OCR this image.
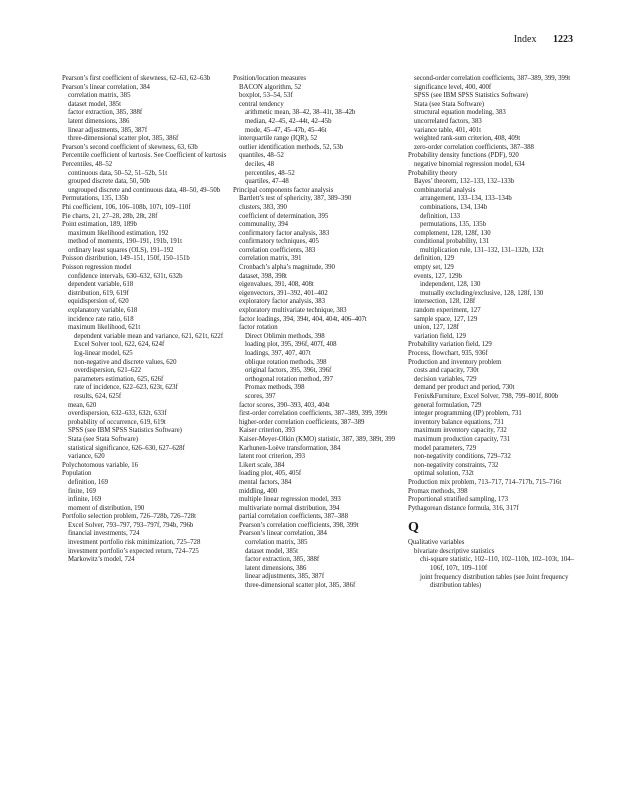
Index 1223

Pearson’s first coefficient of skewness, 62–63, 62–63b

Pearson’s linear correlation, 384

correlation matrix, 385

dataset model, 385t

factor extraction, 385, 388f

latent dimensions, 386

linear adjustments, 385, 387f

three-dimensional scatter plot, 385, 386f

Pearson’s second coefficient of skewness, 63, 63b

Percentile coefficient of kurtosis. See Coefficient of kurtosis

Percentiles, 48–52

continuous data, 50–52, 51–52b, 51t

grouped discrete data, 50, 50b

ungrouped discrete and continuous data, 48–50, 49–50b

Permutations, 135, 135b

Phi coefficient, 106, 106–108b, 107t, 109–110f

Pie charts, 21, 27–28, 28b, 28t, 28f

Point estimation, 189, 189b

maximum likelihood estimation, 192

method of moments, 190–191, 191b, 191t

ordinary least squares (OLS), 191–192

Poisson distribution, 149–151, 150f, 150–151b

Poisson regression model

confidence intervals, 630–632, 631t, 632b

dependent variable, 618

distribution, 619, 619f

equidispersion of, 620

explanatory variable, 618

incidence rate ratio, 618

maximum likelihood, 621t

dependent variable mean and variance, 621, 621t, 622f

Excel Solver tool, 622, 624, 624f

log-linear model, 625

non-negative and discrete values, 620

overdispersion, 621–622

parameters estimation, 625, 626f

rate of incidence, 622–623, 623t, 623f

results, 624, 625f

mean, 620

overdispersion, 632–633, 632t, 633f

probability of occurrence, 619, 619t

SPSS (see IBM SPSS Statistics Software)

Stata (see Stata Software)

statistical significance, 626–630, 627–628f

variance, 620

Polychotomous variable, 16

Population

definition, 169

finite, 169

infinite, 169

moment of distribution, 190

Portfolio selection problem, 726–728b, 726–728t

Excel Solver, 793–797, 793–797f, 794b, 796b

financial investments, 724

investment portfolio risk minimization, 725–728

investment portfolio’s expected return, 724–725

Markowitz’s model, 724

Position/location measures

BACON algorithm, 52

boxplot, 53–54, 53f

central tendency

arithmetic mean, 38–42, 38–41t, 38–42b

median, 42–45, 42–44t, 42–45b

mode, 45–47, 45–47b, 45–46t

interquartile range (IQR), 52

outlier identification methods, 52, 53b

quantiles, 48–52

deciles, 48

percentiles, 48–52

quartiles, 47–48

Principal components factor analysis

Bartlett’s test of sphericity, 387, 389–390

clusters, 383, 390

coefficient of determination, 395

communality, 394

confirmatory factor analysis, 383

confirmatory techniques, 405

correlation coefficients, 383

correlation matrix, 391

Cronbach’s alpha’s magnitude, 390

dataset, 398, 398t

eigenvalues, 391, 408, 408t

eigenvectors, 391–392, 401–402

exploratory factor analysis, 383

exploratory multivariate technique, 383

factor loadings, 394, 394t, 404, 404t, 406–407t

factor rotation

Direct Oblimin methods, 398

loading plot, 395, 396f, 407f, 408

loadings, 397, 407, 407t

oblique rotation methods, 398

original factors, 395, 396t, 396f

orthogonal rotation method, 397

Promax methods, 398

scores, 397

factor scores, 390–393, 403, 404t

first-order correlation coefficients, 387–389, 399, 399t

higher-order correlation coefficients, 387–389

Kaiser criterion, 393

Kaiser-Meyer-Olkin (KMO) statistic, 387, 389, 389t, 399

Karhunen-Loève transformation, 384

latent root criterion, 393

Likert scale, 384

loading plot, 405, 405f

mental factors, 384

middling, 400

multiple linear regression model, 393

multivariate normal distribution, 394

partial correlation coefficients, 387–388

Pearson’s correlation coefficients, 398, 399t

Pearson’s linear correlation, 384

correlation matrix, 385

dataset model, 385t

factor extraction, 385, 388f

latent dimensions, 386

linear adjustments, 385, 387f

three-dimensional scatter plot, 385, 386f

second-order correlation coefficients, 387–389, 399, 399t

significance level, 400, 400f

SPSS (see IBM SPSS Statistics Software)

Stata (see Stata Software)

structural equation modeling, 383

uncorrelated factors, 383

variance table, 401, 401t

weighted rank-sum criterion, 408, 409t

zero-order correlation coefficients, 387–388

Probability density functions (PDF), 920

negative binomial regression model, 634

Probability theory

Bayes’ theorem, 132–133, 132–133b

combinatorial analysis

arrangement, 133–134, 133–134b

combinations, 134, 134b

definition, 133

permutations, 135, 135b

complement, 128, 128f, 130

conditional probability, 131

multiplication rule, 131–132, 131–132b, 132t

definition, 129

empty set, 129

events, 127, 129b

independent, 128, 130

mutually excluding/exclusive, 128, 128f, 130

intersection, 128, 128f

random experiment, 127

sample space, 127, 129

union, 127, 128f

variation field, 129

Probability variation field, 129

Process, flowchart, 935, 936f

Production and inventory problem

costs and capacity, 730t

decision variables, 729

demand per product and period, 730t

Fenix&Furniture, Excel Solver, 798, 799–801f, 800b

general formulation, 729

integer programming (IP) problem, 731

inventory balance equations, 731

maximum inventory capacity, 732

maximum production capacity, 731

model parameters, 729

non-negativity conditions, 729–732

non-negativity constraints, 732

optimal solution, 732t

Production mix problem, 713–717, 714–717b, 715–716t

Promax methods, 398

Proportional stratified sampling, 173

Pythagorean distance formula, 316, 317f

Q

Qualitative variables

bivariate descriptive statistics

chi-square statistic, 102–110, 102–110b, 102–103t, 104–106f, 107t, 109–110f

joint frequency distribution tables (see Joint frequency distribution tables)
